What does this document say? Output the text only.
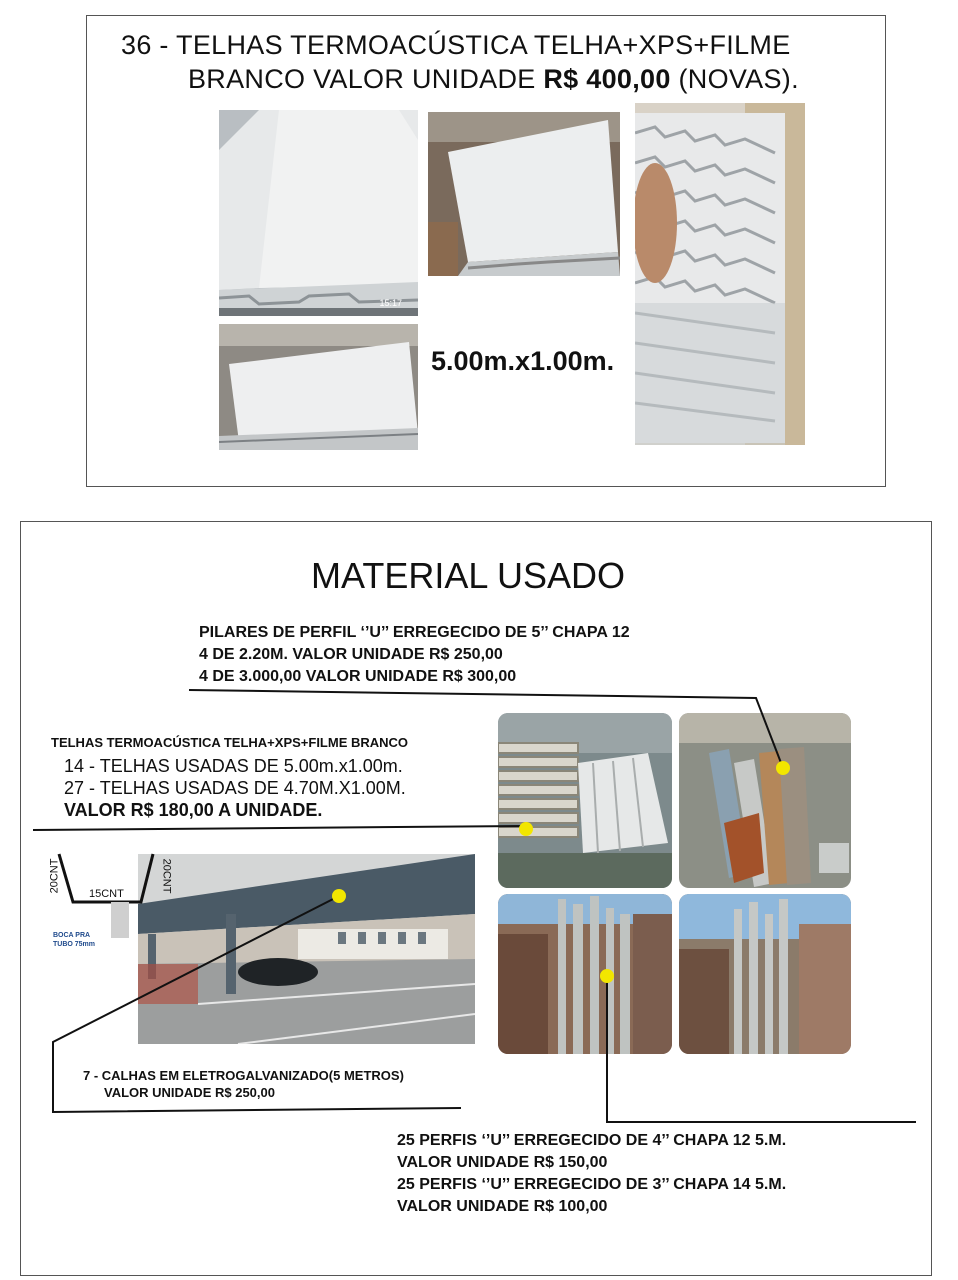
36 - TELHAS TERMOACÚSTICA TELHA+XPS+FILME
BRANCO VALOR UNIDADE R$ 400,00 (NOVAS).
15:17
5.00m.x1.00m.
MATERIAL USADO
PILARES DE PERFIL ‘’U’’ ERREGECIDO DE 5’’ CHAPA 12
4 DE 2.20M. VALOR UNIDADE R$ 250,00
4 DE 3.000,00 VALOR UNIDADE R$ 300,00
TELHAS TERMOACÚSTICA TELHA+XPS+FILME BRANCO
14 - TELHAS USADAS DE 5.00m.x1.00m.
27 - TELHAS USADAS DE 4.70M.X1.00M.
VALOR R$ 180,00 A UNIDADE.
20CNT	20CNT
15CNT
BOCA PRA
TUBO 75mm
7 - CALHAS EM ELETROGALVANIZADO(5 METROS)
VALOR UNIDADE R$ 250,00
25 PERFIS ‘’U’’ ERREGECIDO DE 4’’ CHAPA 12 5.M.
VALOR UNIDADE R$ 150,00
25 PERFIS ‘’U’’ ERREGECIDO DE 3’’ CHAPA 14 5.M.
VALOR UNIDADE R$ 100,00
